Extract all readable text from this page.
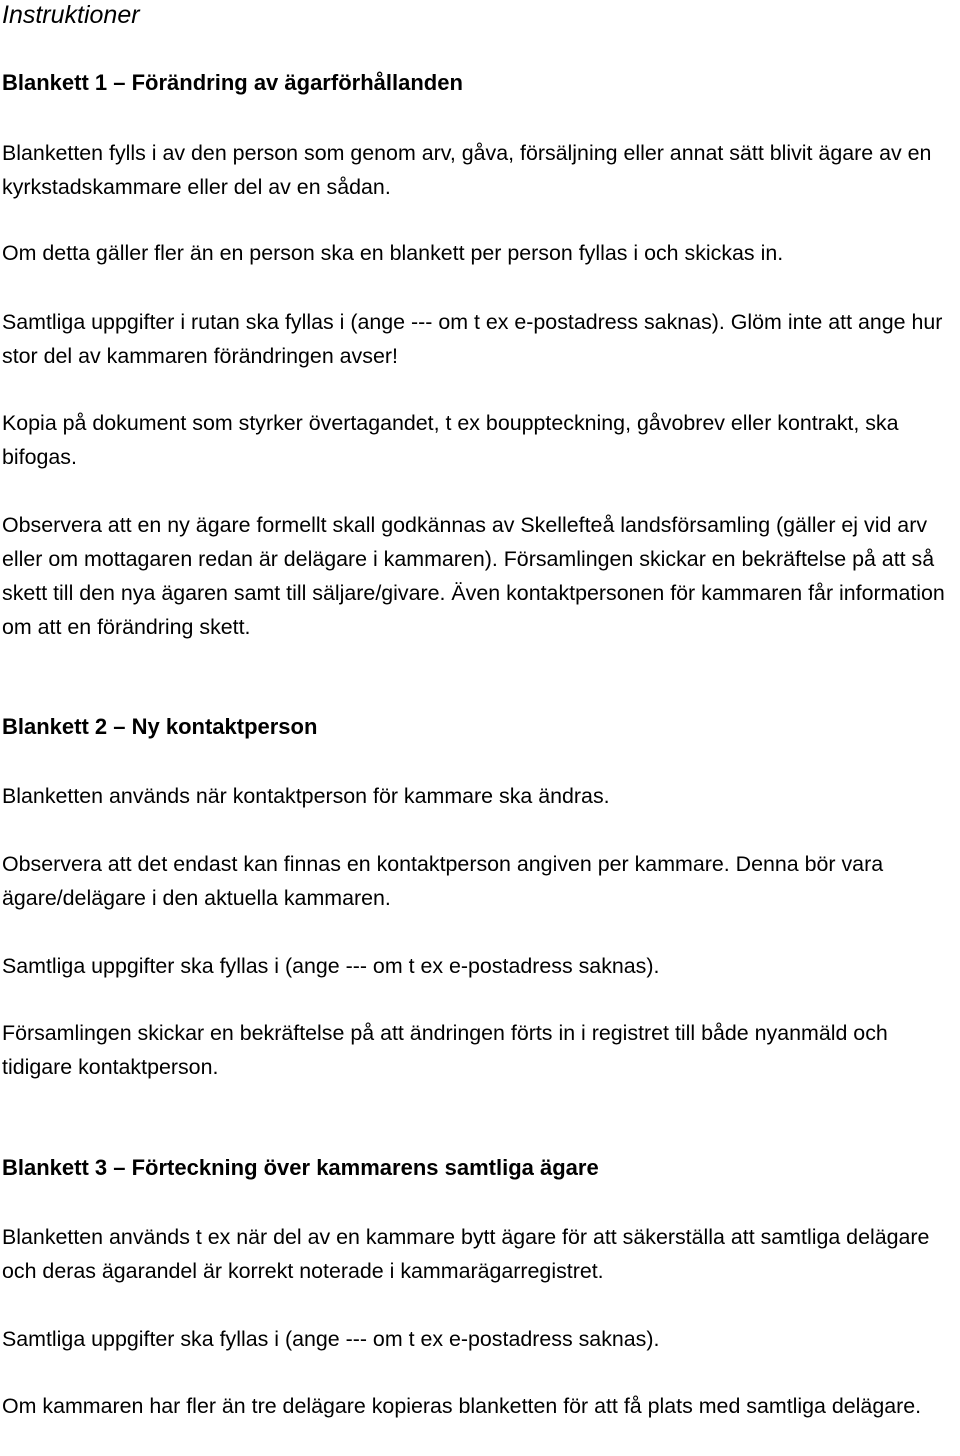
Instruktioner
Blankett 1 – Förändring av ägarförhållanden

Blanketten fylls i av den person som genom arv, gåva, försäljning eller annat sätt blivit ägare av en kyrkstadskammare eller del av en sådan.

Om detta gäller fler än en person ska en blankett per person fyllas i och skickas in.

Samtliga uppgifter i rutan ska fyllas i (ange --- om t ex e-postadress saknas). Glöm inte att ange hur stor del av kammaren förändringen avser!

Kopia på dokument som styrker övertagandet, t ex bouppteckning, gåvobrev eller kontrakt, ska bifogas.

Observera att en ny ägare formellt skall godkännas av Skellefteå landsförsamling (gäller ej vid arv eller om mottagaren redan är delägare i kammaren). Församlingen skickar en bekräftelse på att så skett till den nya ägaren samt till säljare/givare. Även kontaktpersonen för kammaren får information om att en förändring skett.

Blankett 2 – Ny kontaktperson

Blanketten används när kontaktperson för kammare ska ändras.

Observera att det endast kan finnas en kontaktperson angiven per kammare. Denna bör vara ägare/delägare i den aktuella kammaren.

Samtliga uppgifter ska fyllas i (ange --- om t ex e-postadress saknas).

Församlingen skickar en bekräftelse på att ändringen förts in i registret till både nyanmäld och tidigare kontaktperson.

Blankett 3 – Förteckning över kammarens samtliga ägare

Blanketten används t ex när del av en kammare bytt ägare för att säkerställa att samtliga delägare och deras ägarandel är korrekt noterade i kammarägarregistret.

Samtliga uppgifter ska fyllas i (ange --- om t ex e-postadress saknas).

Om kammaren har fler än tre delägare kopieras blanketten för att få plats med samtliga delägare.
